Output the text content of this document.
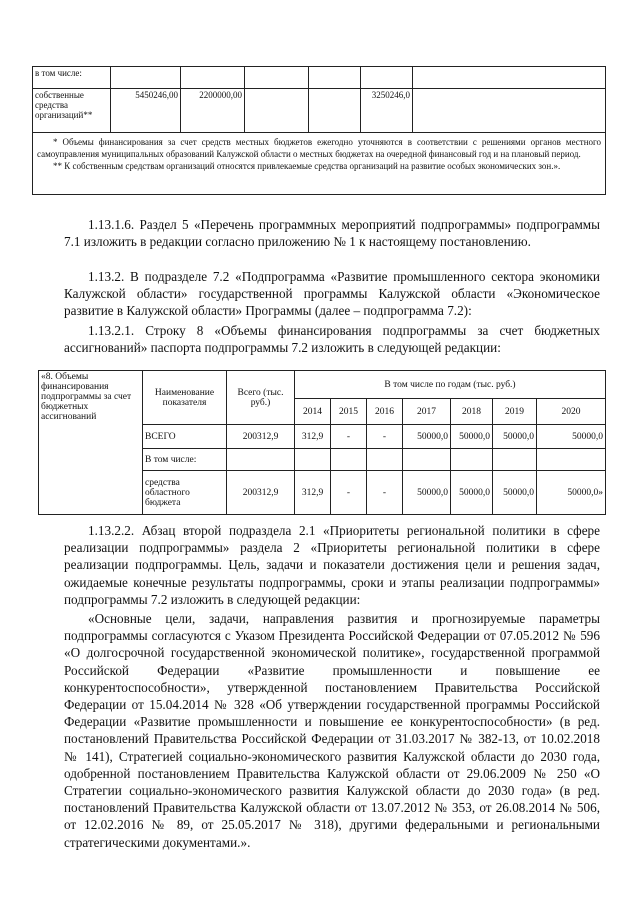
в том числе:						
собственные средства организаций**	5450246,00	2200000,00			3250246,0	

* Объемы финансирования за счет средств местных бюджетов ежегодно уточняются в соответствии с решениями органов местного самоуправления муниципальных образований Калужской области о местных бюджетах на очередной финансовый год и на плановый период.
** К собственным средствам организаций относятся привлекаемые средства организаций на развитие особых экономических зон.».						

1.13.1.6. Раздел 5 «Перечень программных мероприятий подпрограммы» подпрограммы 7.1 изложить в редакции согласно приложению № 1 к настоящему постановлению.

1.13.2. В подразделе 7.2 «Подпрограмма «Развитие промышленного сектора экономики Калужской области» государственной программы Калужской области «Экономическое развитие в Калужской области» Программы (далее – подпрограмма 7.2):

1.13.2.1. Строку 8 «Объемы финансирования подпрограммы за счет бюджетных ассигнований» паспорта подпрограммы 7.2 изложить в следующей редакции:

«8. Объемы финансирования подпрограммы за счет бюджетных ассигнований	Наименование показателя	Всего (тыс. руб.)	В том числе по годам (тыс. руб.)						
			2014	2015	2016	2017	2018	2019	2020
	ВСЕГО	200312,9	312,9	-	-	50000,0	50000,0	50000,0	50000,0
	В том числе:								
	средства областного бюджета	200312,9	312,9	-	-	50000,0	50000,0	50000,0	50000,0»

1.13.2.2. Абзац второй подраздела 2.1 «Приоритеты региональной политики в сфере реализации подпрограммы» раздела 2 «Приоритеты региональной политики в сфере реализации подпрограммы. Цель, задачи и показатели достижения цели и решения задач, ожидаемые конечные результаты подпрограммы, сроки и этапы реализации подпрограммы» подпрограммы 7.2 изложить в следующей редакции:

«Основные цели, задачи, направления развития и прогнозируемые параметры подпрограммы согласуются с Указом Президента Российской Федерации от 07.05.2012 № 596 «О долгосрочной государственной экономической политике», государственной программой Российской Федерации «Развитие промышленности и повышение ее конкурентоспособности», утвержденной постановлением Правительства Российской Федерации от 15.04.2014 № 328 «Об утверждении государственной программы Российской Федерации «Развитие промышленности и повышение ее конкурентоспособности» (в ред. постановлений Правительства Российской Федерации от 31.03.2017 № 382-13, от 10.02.2018 № 141), Стратегией социально-экономического развития Калужской области до 2030 года, одобренной постановлением Правительства Калужской области от 29.06.2009 № 250 «О Стратегии социально-экономического развития Калужской области до 2030 года» (в ред. постановлений Правительства Калужской области от 13.07.2012 № 353, от 26.08.2014 № 506, от 12.02.2016 № 89, от 25.05.2017 № 318), другими федеральными и региональными стратегическими документами.».
